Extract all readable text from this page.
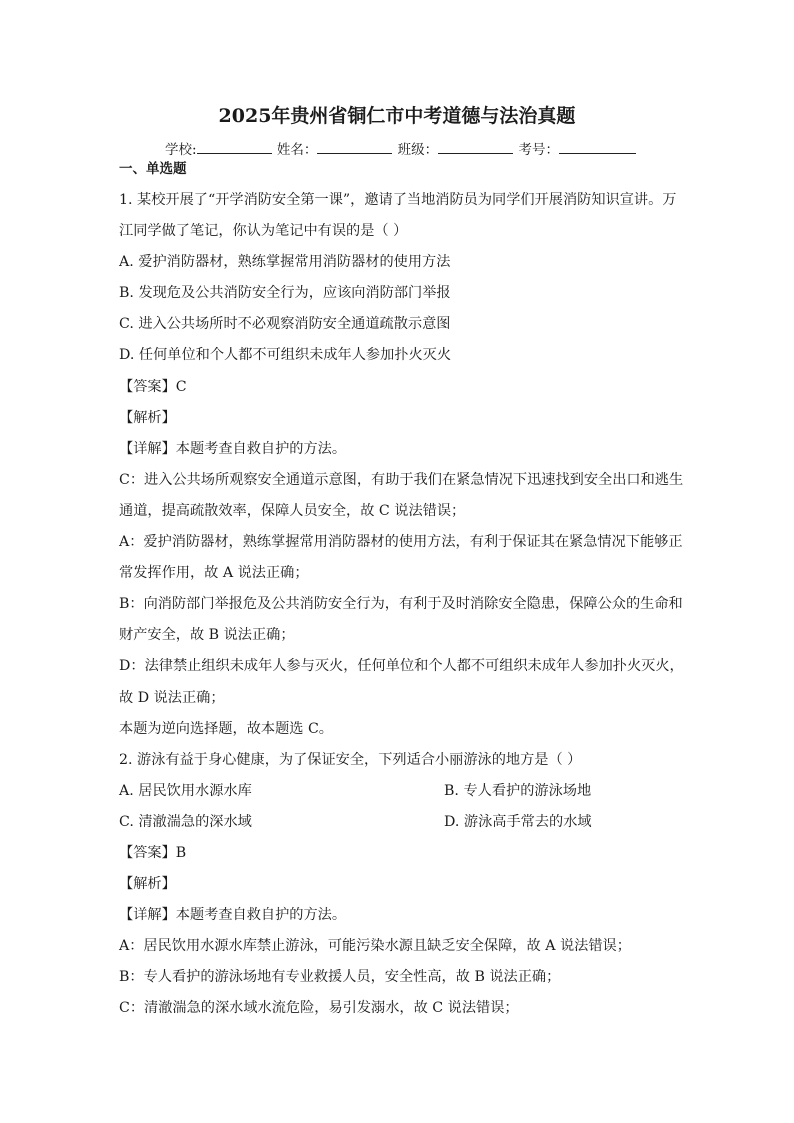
2025年贵州省铜仁市中考道德与法治真题
学校:	姓名：	班级：	考号：
一、单选题
1. 某校开展了“开学消防安全第一课”，邀请了当地消防员为同学们开展消防知识宣讲。万
江同学做了笔记，你认为笔记中有误的是（ ）
A. 爱护消防器材，熟练掌握常用消防器材的使用方法
B. 发现危及公共消防安全行为，应该向消防部门举报
C. 进入公共场所时不必观察消防安全通道疏散示意图
D. 任何单位和个人都不可组织未成年人参加扑火灭火
【答案】C
【解析】
【详解】本题考查自救自护的方法。
C：进入公共场所观察安全通道示意图，有助于我们在紧急情况下迅速找到安全出口和逃生
通道，提高疏散效率，保障人员安全，故 C 说法错误；
A：爱护消防器材，熟练掌握常用消防器材的使用方法，有利于保证其在紧急情况下能够正
常发挥作用，故 A 说法正确；
B：向消防部门举报危及公共消防安全行为，有利于及时消除安全隐患，保障公众的生命和
财产安全，故 B 说法正确；
D：法律禁止组织未成年人参与灭火，任何单位和个人都不可组织未成年人参加扑火灭火，
故 D 说法正确；
本题为逆向选择题，故本题选 C。
2. 游泳有益于身心健康，为了保证安全，下列适合小丽游泳的地方是（ ）
A. 居民饮用水源水库	B. 专人看护的游泳场地
C. 清澈湍急的深水域	D. 游泳高手常去的水域
【答案】B
【解析】
【详解】本题考查自救自护的方法。
A：居民饮用水源水库禁止游泳，可能污染水源且缺乏安全保障，故 A 说法错误；
B：专人看护的游泳场地有专业救援人员，安全性高，故 B 说法正确；
C：清澈湍急的深水域水流危险，易引发溺水，故 C 说法错误；
